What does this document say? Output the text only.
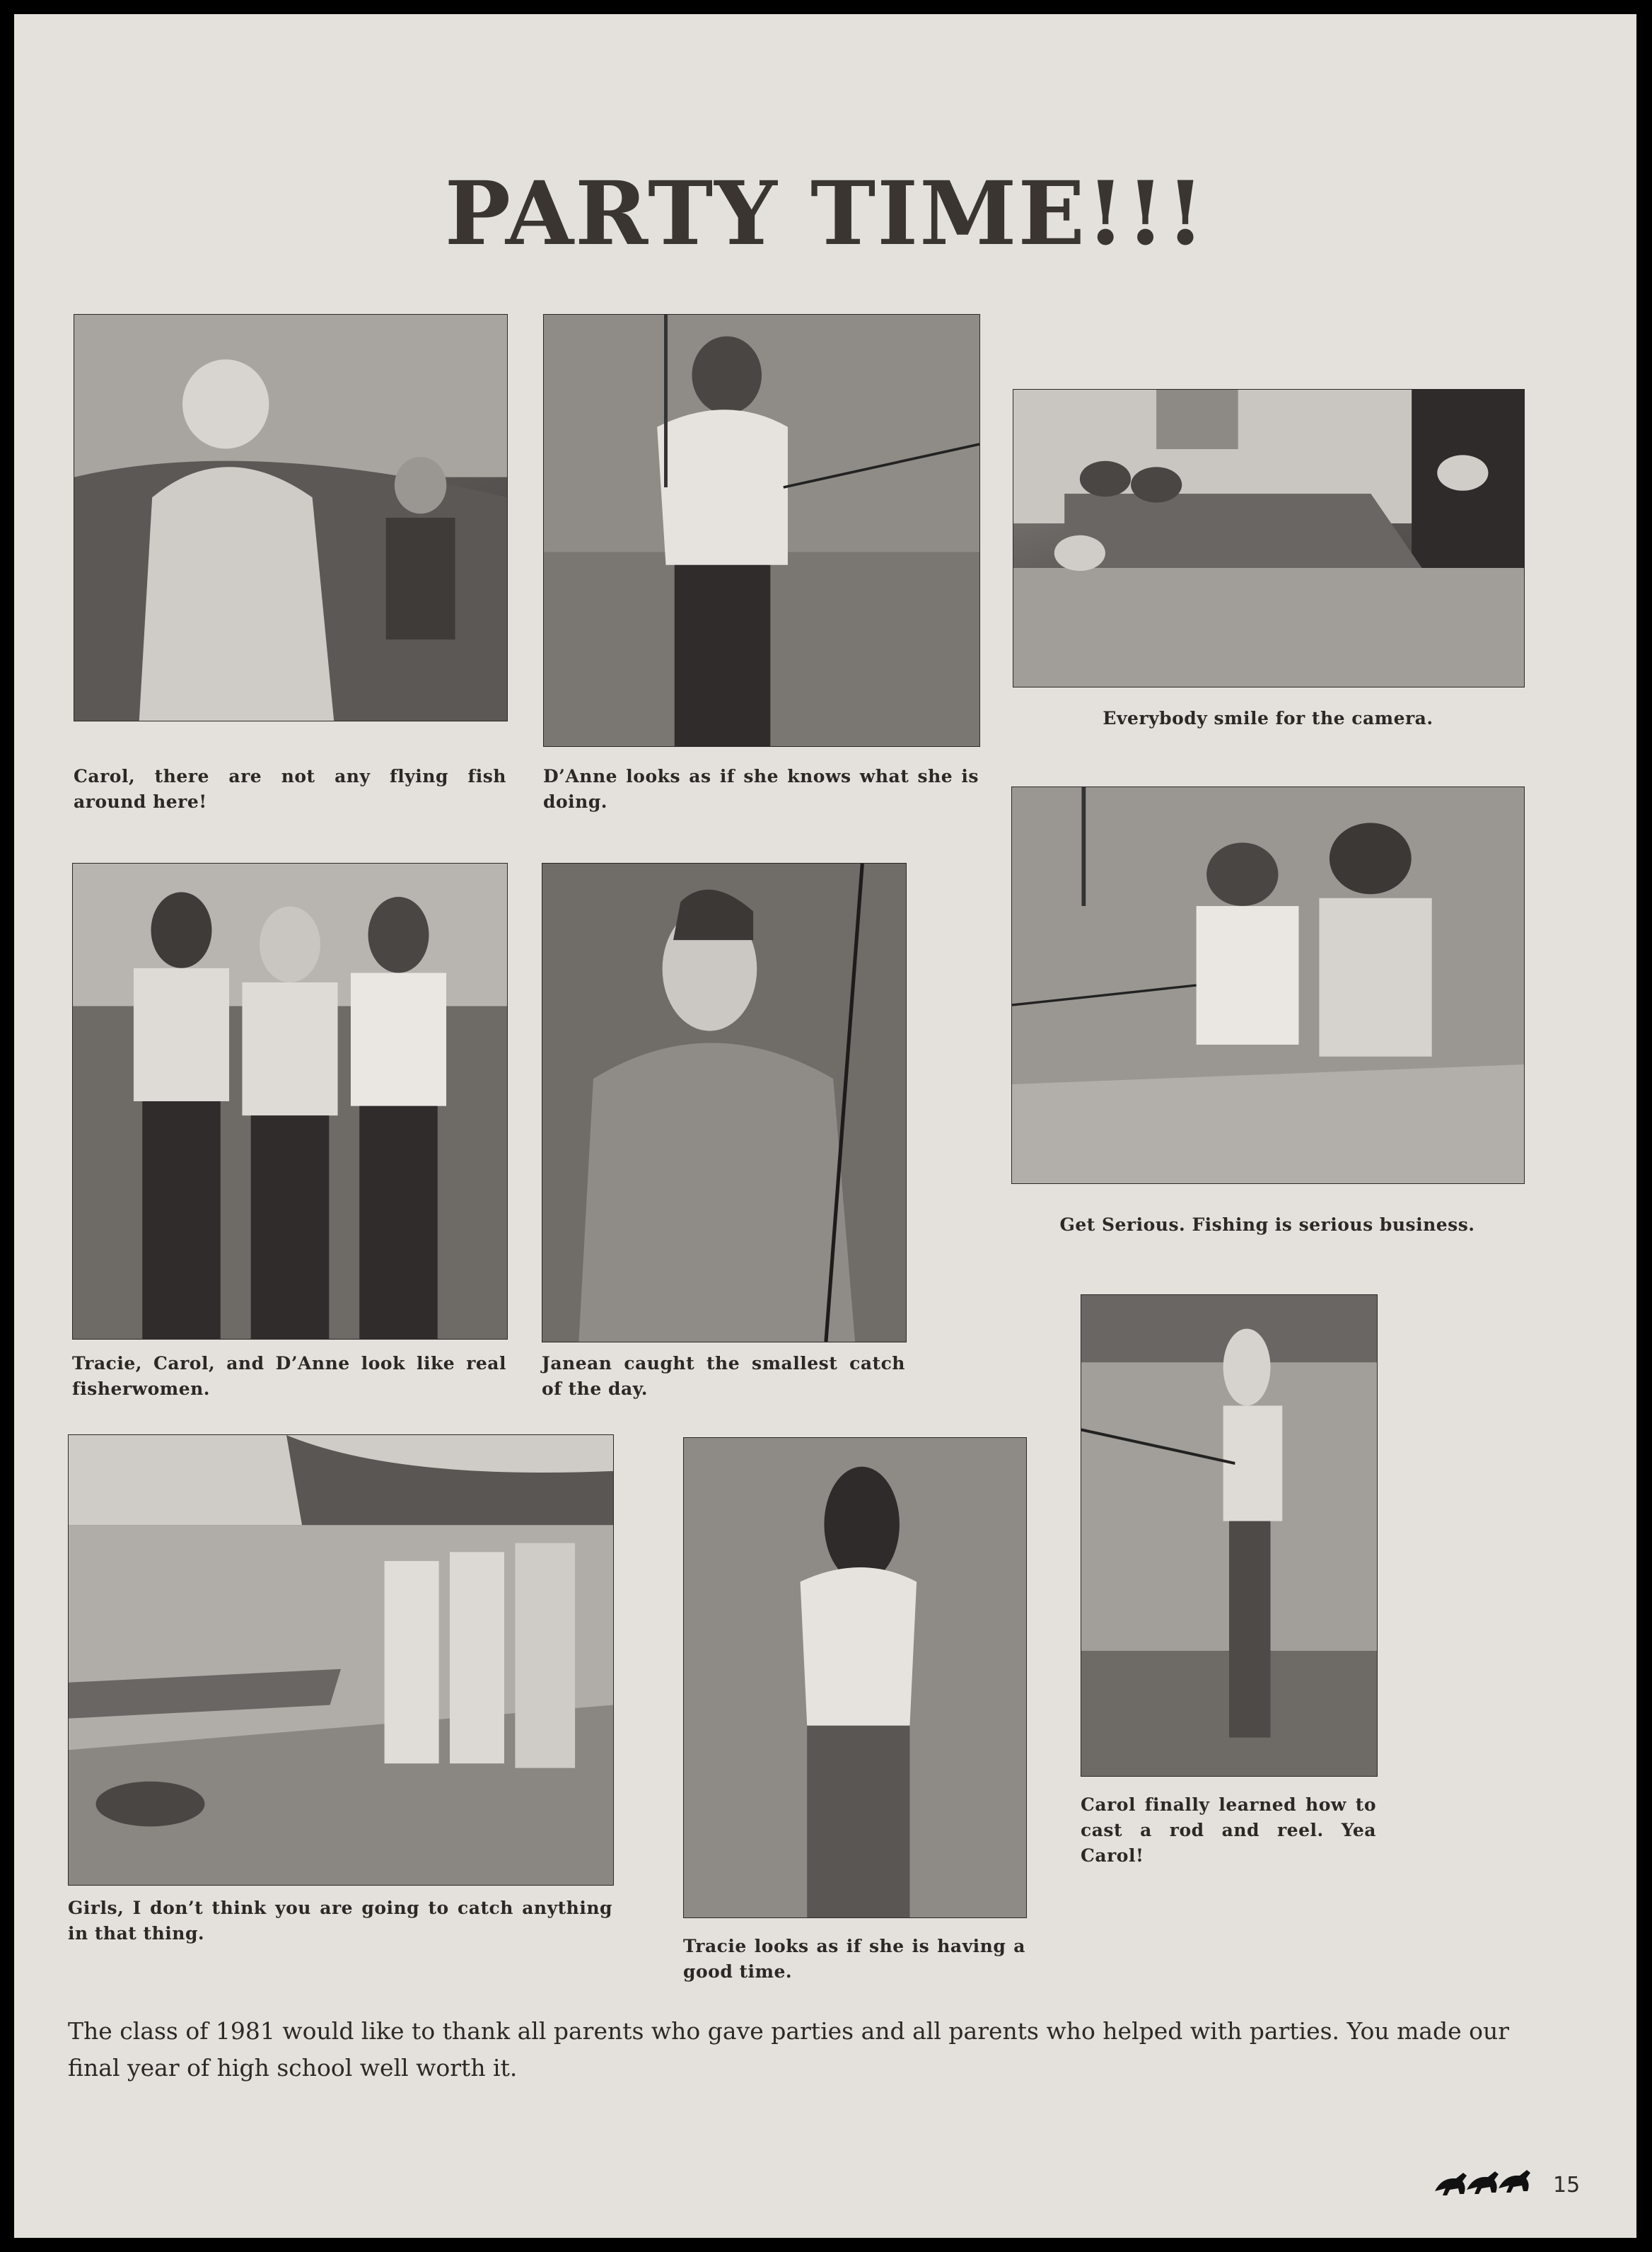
PARTY TIME!!!
Carol, there are not any flying fish around here!
D’Anne looks as if she knows what she is doing.
Everybody smile for the camera.
Tracie, Carol, and D’Anne look like real fisherwomen.
Janean caught the smallest catch of the day.
Get Serious. Fishing is serious business.
Girls, I don’t think you are going to catch anything in that thing.
Tracie looks as if she is having a good time.
Carol finally learned how to cast a rod and reel. Yea Carol!
The class of 1981 would like to thank all parents who gave parties and all parents who helped with parties. You made our final year of high school well worth it.
15
